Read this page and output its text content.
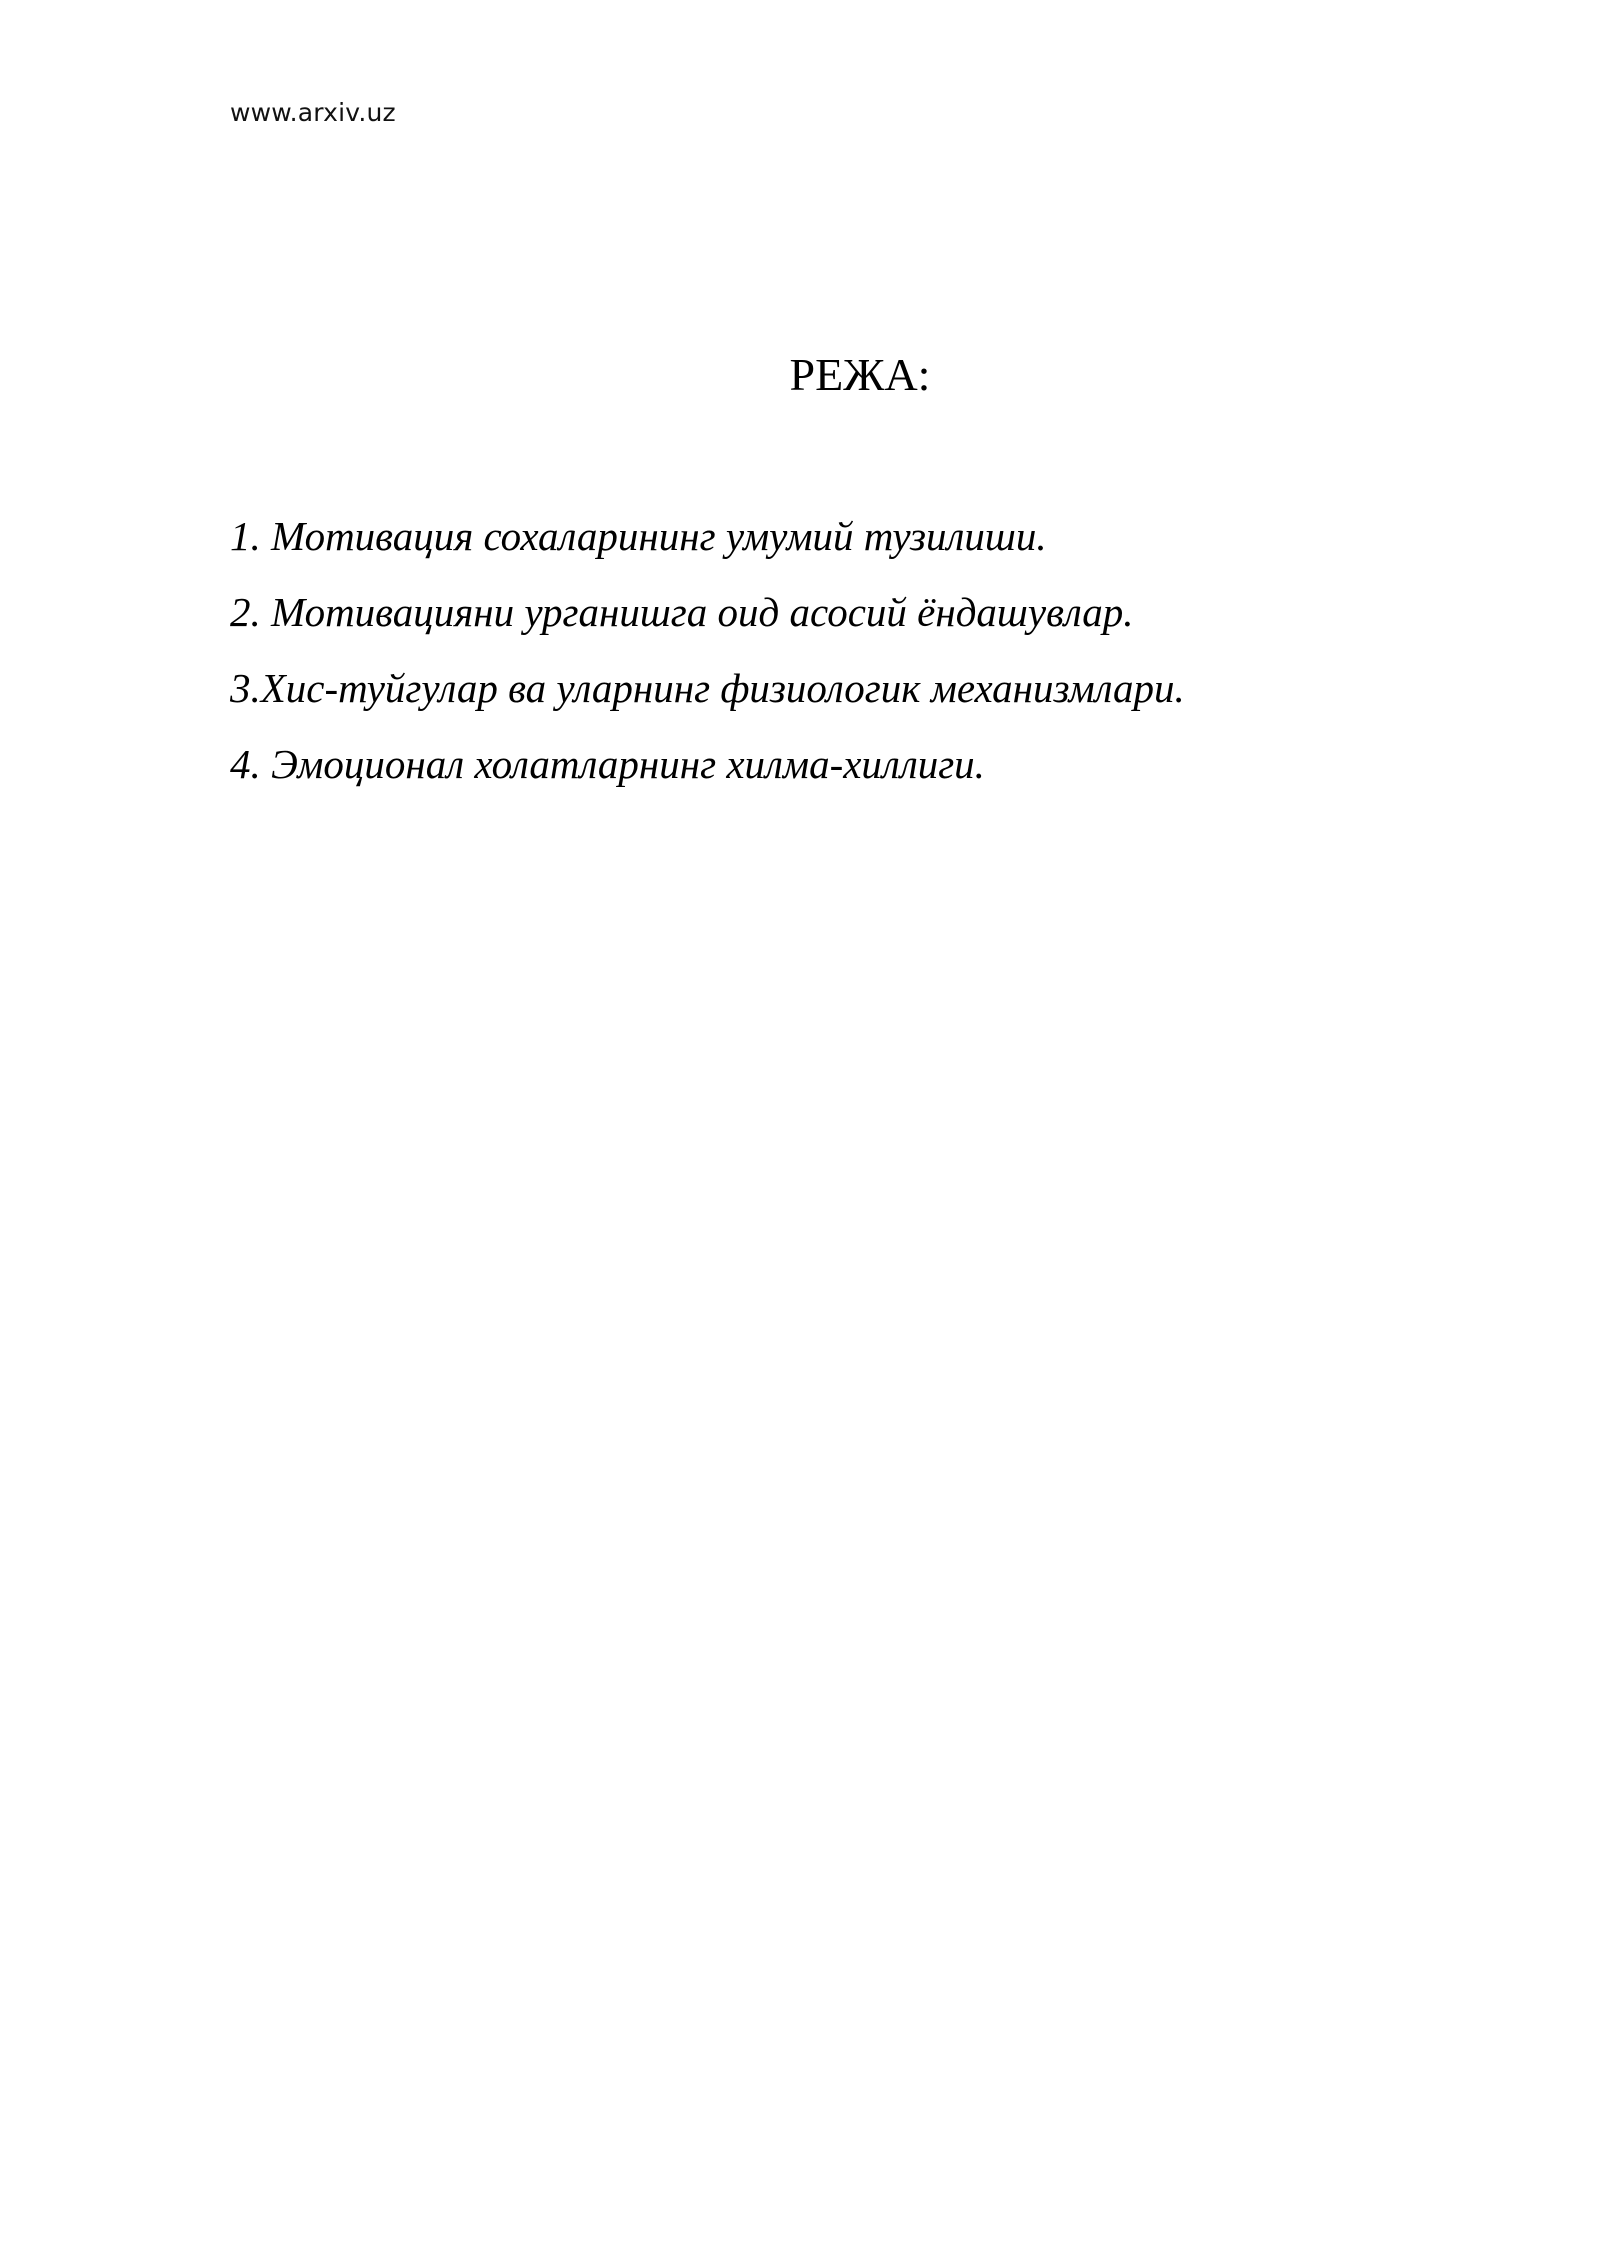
www.arxiv.uz
РЕЖА:
1. Мотивация сохаларининг умумий тузилиши.
2. Мотивацияни урганишга оид асосий ёндашувлар.
3.Хис-туйгулар ва уларнинг физиологик механизмлари.
4. Эмоционал холатларнинг хилма-хиллиги.
